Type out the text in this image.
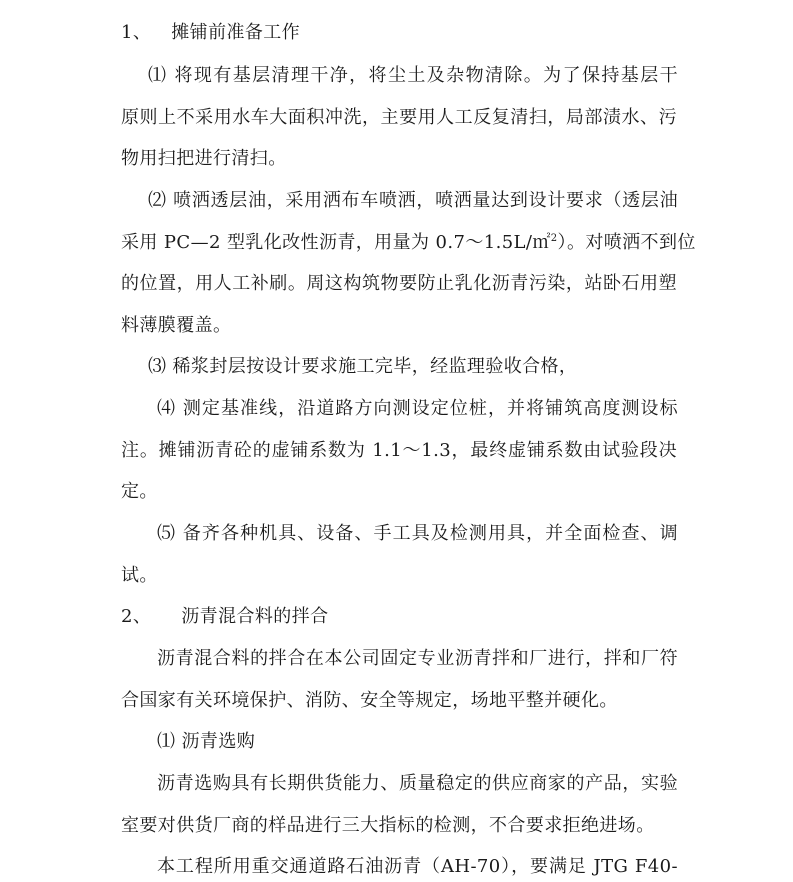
1、 摊铺前准备工作
⑴ 将现有基层清理干净，将尘土及杂物清除。为了保持基层干
原则上不采用水车大面积冲洗，主要用人工反复清扫，局部渍水、污
物用扫把进行清扫。
⑵ 喷洒透层油，采用洒布车喷洒，喷洒量达到设计要求（透层油
采用 PC—2 型乳化改性沥青，用量为 0.7～1.5L/㎡$^2$）。对喷洒不到位
的位置，用人工补刷。周这构筑物要防止乳化沥青污染，站卧石用塑
料薄膜覆盖。
⑶ 稀浆封层按设计要求施工完毕，经监理验收合格，
⑷ 测定基准线，沿道路方向测设定位桩，并将铺筑高度测设标
注。摊铺沥青砼的虚铺系数为 1.1～1.3，最终虚铺系数由试验段决
定。
⑸ 备齐各种机具、设备、手工具及检测用具，并全面检查、调
试。
2、 沥青混合料的拌合
沥青混合料的拌合在本公司固定专业沥青拌和厂进行，拌和厂符
合国家有关环境保护、消防、安全等规定，场地平整并硬化。
⑴ 沥青选购
沥青选购具有长期供货能力、质量稳定的供应商家的产品，实验
室要对供货厂商的样品进行三大指标的检测，不合要求拒绝进场。
本工程所用重交通道路石油沥青（AH-70），要满足 JTG F40-
